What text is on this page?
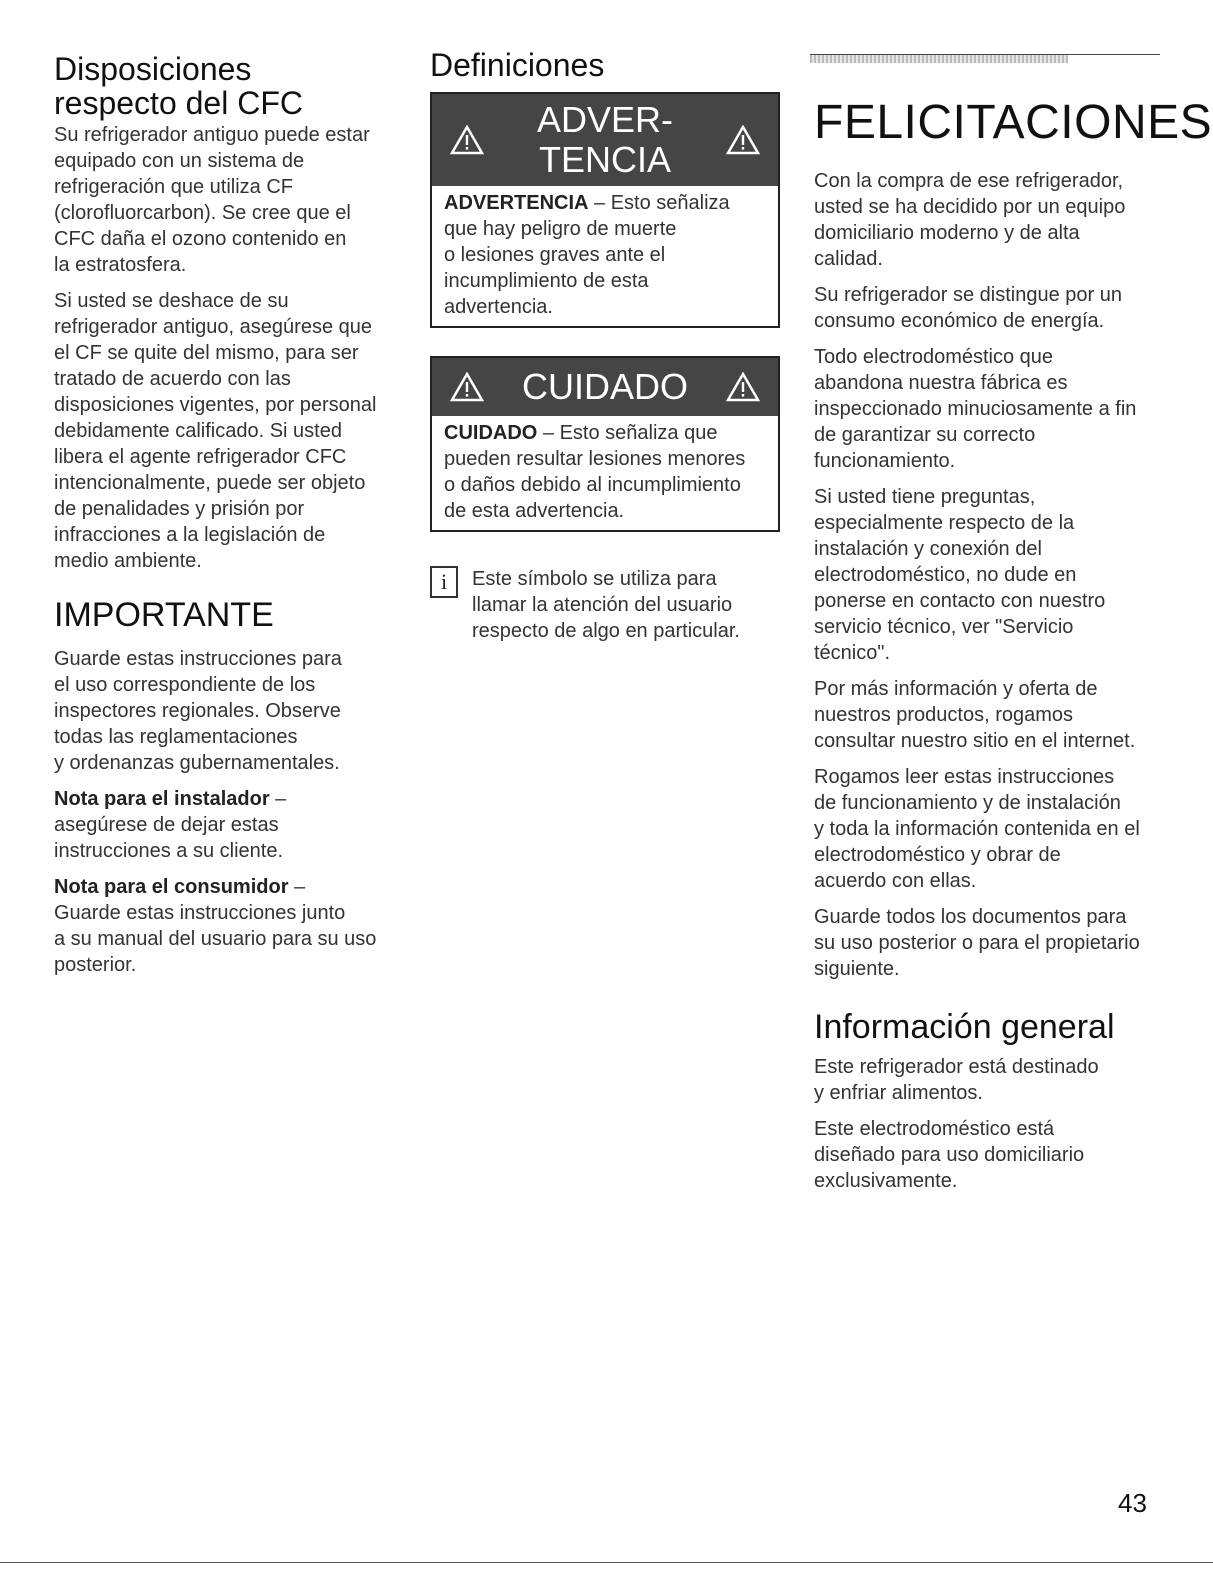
Disposiciones
respecto del CFC

Su refrigerador antiguo puede estar
equipado con un sistema de
refrigeración que utiliza CF
(clorofluorcarbon). Se cree que el
CFC daña el ozono contenido en
la estratosfera.

Si usted se deshace de su
refrigerador antiguo, asegúrese que
el CF se quite del mismo, para ser
tratado de acuerdo con las
disposiciones vigentes, por personal
debidamente calificado. Si usted
libera el agente refrigerador CFC
intencionalmente, puede ser objeto
de penalidades y prisión por
infracciones a la legislación de
medio ambiente.

IMPORTANTE

Guarde estas instrucciones para
el uso correspondiente de los
inspectores regionales. Observe
todas las reglamentaciones
y ordenanzas gubernamentales.

Nota para el instalador –
asegúrese de dejar estas
instrucciones a su cliente.

Nota para el consumidor –
Guarde estas instrucciones junto
a su manual del usuario para su uso
posterior.

Definiciones
ADVER-
TENCIA
ADVERTENCIA – Esto señaliza
que hay peligro de muerte
o lesiones graves ante el
incumplimiento de esta
advertencia.
CUIDADO
CUIDADO – Esto señaliza que
pueden resultar lesiones menores
o daños debido al incumplimiento
de esta advertencia.
i	Este símbolo se utiliza para
llamar la atención del usuario
respecto de algo en particular.

FELICITACIONES

Con la compra de ese refrigerador,
usted se ha decidido por un equipo
domiciliario moderno y de alta
calidad.

Su refrigerador se distingue por un
consumo económico de energía.

Todo electrodoméstico que
abandona nuestra fábrica es
inspeccionado minuciosamente a fin
de garantizar su correcto
funcionamiento.

Si usted tiene preguntas,
especialmente respecto de la
instalación y conexión del
electrodoméstico, no dude en
ponerse en contacto con nuestro
servicio técnico, ver "Servicio
técnico".

Por más información y oferta de
nuestros productos, rogamos
consultar nuestro sitio en el internet.

Rogamos leer estas instrucciones
de funcionamiento y de instalación
y toda la información contenida en el
electrodoméstico y obrar de
acuerdo con ellas.

Guarde todos los documentos para
su uso posterior o para el propietario
siguiente.

Información general

Este refrigerador está destinado
y enfriar alimentos.

Este electrodoméstico está
diseñado para uso domiciliario
exclusivamente.

43
